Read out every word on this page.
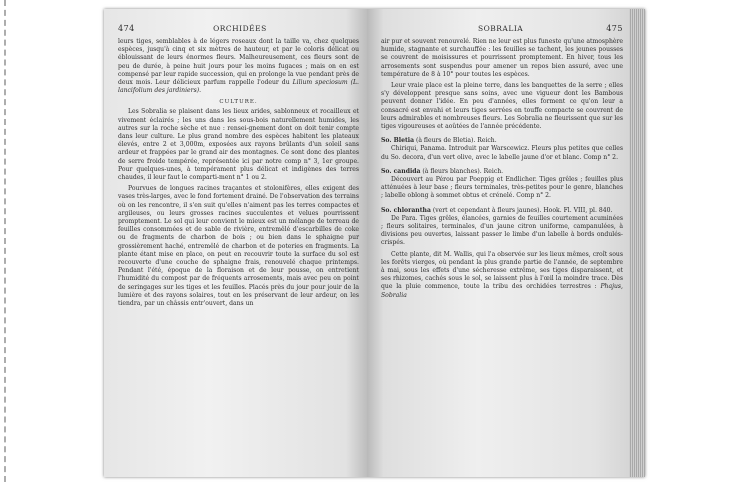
474	ORCHIDÉES

leurs tiges, semblables à de légers roseaux dont la taille va, chez quelques espèces, jusqu'à cinq et six mètres de hauteur, et par le coloris délicat ou éblouissant de leurs énormes fleurs. Malheureusement, ces fleurs sont de peu de durée, à peine huit jours pour les moins fugaces ; mais on en est compensé par leur rapide succession, qui en prolonge la vue pendant près de deux mois. Leur délicieux parfum rappelle l'odeur du Lilium speciosum (L. lancifolium des jardiniers).

CULTURE.

Les Sobralia se plaisent dans les lieux arides, sablonneux et rocailleux et vivement éclairés ; les uns dans les sous-bois naturellement humides, les autres sur la roche sèche et nue : rensei-gnement dont on doit tenir compte dans leur culture. Le plus grand nombre des espèces habitent les plateaux élevés, entre 2 et 3,000m, exposées aux rayons brûlants d'un soleil sans ardeur et frappées par le grand air des montagnes. Ce sont donc des plantes de serre froide tempérée, représentée ici par notre comp n° 3, 1er groupe. Pour quelques-unes, à tempérament plus délicat et indigènes des terres chaudes, il leur faut le comparti-ment n° 1 ou 2.

Pourvues de longues racines traçantes et stolonifères, elles exigent des vases très-larges, avec le fond fortement drainé. De l'observation des terrains où on les rencontre, il s'en suit qu'elles n'aiment pas les terres compactes et argileuses, ou leurs grosses racines succulentes et velues pourrissent promptement. Le sol qui leur convient le mieux est un mélange de terreau de feuilles consommées et de sable de rivière, entremêlé d'escarbilles de coke ou de fragments de charbon de bois ; ou bien dans le sphaigne pur grossièrement haché, entremêlé de charbon et de poteries en fragments. La plante étant mise en place, on peut en recouvrir toute la surface du sol est recouverte d'une couche de sphaigne frais, renouvelé chaque printemps. Pendant l'été, époque de la floraison et de leur pousse, on entretient l'humidité du compost par de fréquents arrosements, mais avec peu on point de seringages sur les tiges et les feuilles. Placés près du jour pour jouir de la lumière et des rayons solaires, tout en les préservant de leur ardeur, on les tiendra, par un châssis entr'ouvert, dans un

SOBRALIA	475

air pur et souvent renouvelé. Rien ne leur est plus funeste qu'une atmosphère humide, stagnante et surchauffée : les feuilles se tachent, les jeunes pousses se couvrent de moisissures et pourrissent promptement. En hiver, tous les arrosements sont suspendus pour amener un repos bien assuré, avec une température de 8 à 10° pour toutes les espèces.

Leur vraie place est la pleine terre, dans les banquettes de la serre ; elles s'y développent presque sans soins, avec une vigueur dont les Bambous peuvent donner l'idée. En peu d'années, elles forment ce qu'on leur a consacré est envahi et leurs tiges serrées en touffe compacte se couvrent de leurs admirables et nombreuses fleurs. Les Sobralia ne fleurissent que sur les tiges vigoureuses et aoûtées de l'année précédente.

So. Bletia (à fleurs de Bletia). Reich.

Chiriqui, Panama. Introduit par Warscewicz. Fleurs plus petites que celles du So. decora, d'un vert olive, avec le labelle jaune d'or et blanc. Comp n° 2.

So. candida (à fleurs blanches). Reich.

Découvert au Pérou par Poeppig et Endlicher. Tiges grêles ; feuilles plus atténuées à leur base ; fleurs terminales, très-petites pour le genre, blanches ; labelle oblong à sommet obtus et crénelé. Comp n° 2.

So. chlorantha (vert et cependant à fleurs jaunes). Hook. Fl. VIII, pl. 840.

De Para. Tiges grêles, élancées, garnies de feuilles courtement acuminées ; fleurs solitaires, terminales, d'un jaune citron uniforme, campanulées, à divisions peu ouvertes, laissant passer le limbe d'un labelle à bords ondulés-crispés.

Cette plante, dit M. Wallis, qui l'a observée sur les lieux mêmes, croît sous les forêts vierges, où pendant la plus grande partie de l'année, de septembre à mai, sous les effets d'une sécheresse extrême, ses tiges disparaissent, et ses rhizomes, cachés sous le sol, se laissent plus à l'œil la moindre trace. Dès que la pluie commence, toute la tribu des orchidées terrestres : Phajus, Sobralia
